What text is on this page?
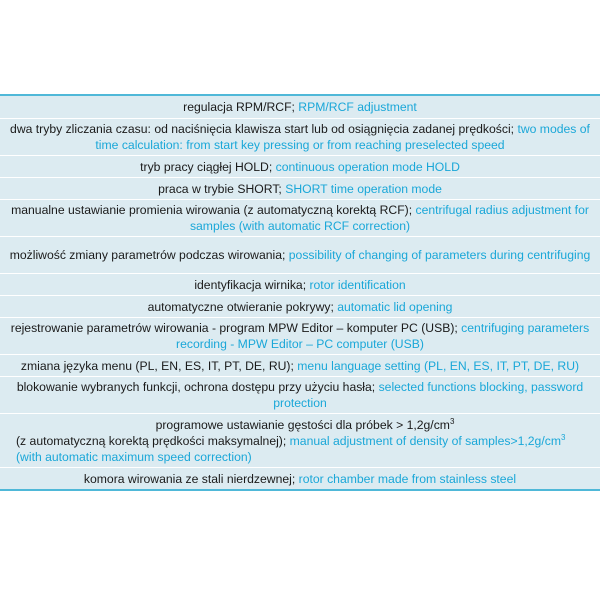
regulacja RPM/RCF; RPM/RCF adjustment
dwa tryby zliczania czasu: od naciśnięcia klawisza start lub od osiągnięcia zadanej prędkości; two modes of time calculation: from start key pressing or from reaching preselected speed
tryb pracy ciągłej HOLD; continuous operation mode HOLD
praca w trybie SHORT; SHORT time operation mode
manualne ustawianie promienia wirowania (z automatyczną korektą RCF); centrifugal radius adjustment for samples (with automatic RCF correction)
możliwość zmiany parametrów podczas wirowania; possibility of changing of parameters during centrifuging
identyfikacja wirnika; rotor identification
automatyczne otwieranie pokrywy; automatic lid opening
rejestrowanie parametrów wirowania - program MPW Editor – komputer PC (USB); centrifuging parameters recording - MPW Editor – PC computer (USB)
zmiana języka menu (PL, EN, ES, IT, PT, DE, RU); menu language setting (PL, EN, ES, IT, PT, DE, RU)
blokowanie wybranych funkcji, ochrona dostępu przy użyciu hasła; selected functions blocking, password protection
programowe ustawianie gęstości dla próbek > $1,2g/cm^3$
(z automatyczną korektą prędkości maksymalnej); manual adjustment of density of $samples>1,2g/cm^3$
(with automatic maximum speed correction)
komora wirowania ze stali nierdzewnej; rotor chamber made from stainless steel
